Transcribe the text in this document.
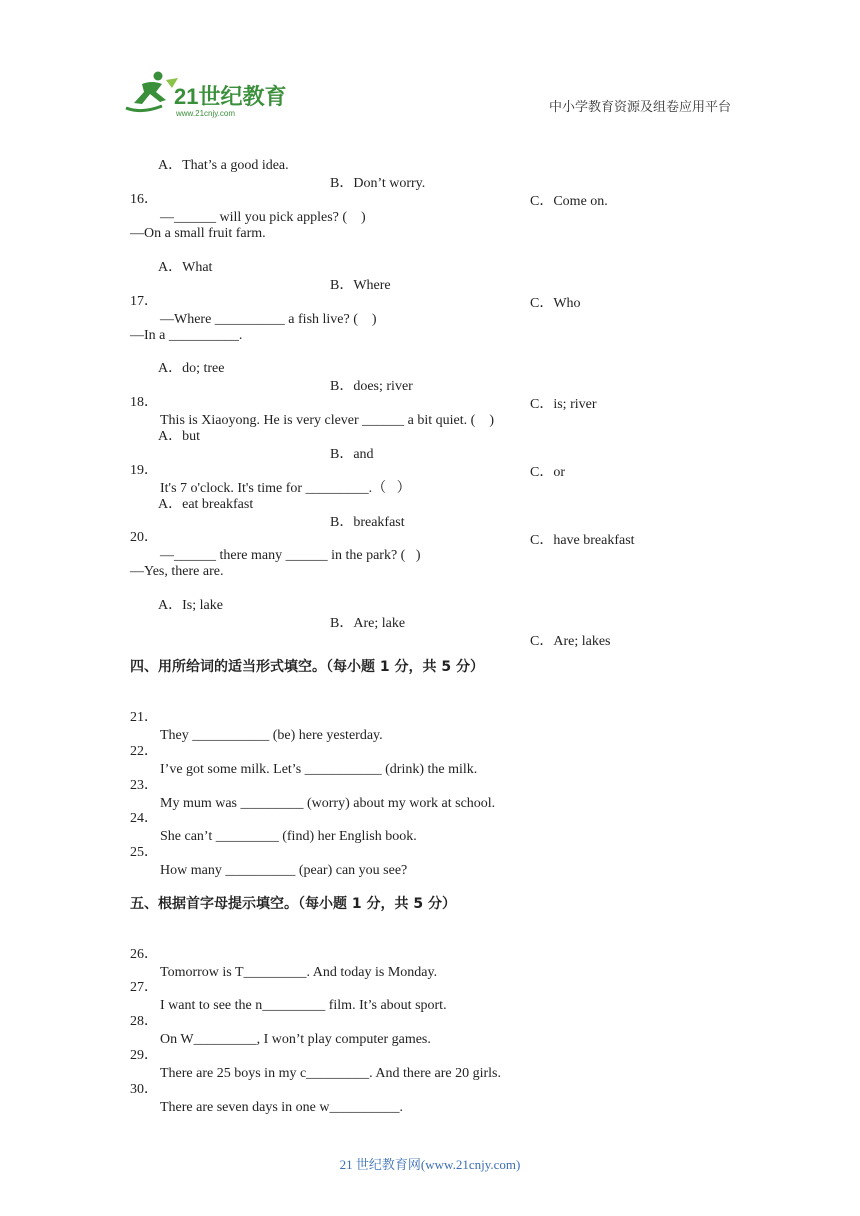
21世纪教育
www.21cnjy.com	中小学教育资源及组卷应用平台

A．That’s a good idea.

B．Don’t worry.

C．Come on.

16．

—______ will you pick apples? (    )

—On a small fruit farm.

A．What

B．Where

C．Who

17．

—Where __________ a fish live? (    )

—In a __________.

A．do; tree

B．does; river

C．is; river

18．

This is Xiaoyong. He is very clever ______ a bit quiet. (    )

A．but

B．and

C．or

19．

It's 7 o'clock. It's time for _________.（   ）

A．eat breakfast

B．breakfast

C．have breakfast

20．

—______ there many ______ in the park? (   )

—Yes, there are.

A．Is; lake

B．Are; lake

C．Are; lakes

四、用所给词的适当形式填空。（每小题 1 分，共 5 分）

21．

They ___________ (be) here yesterday.

22．

I’ve got some milk. Let’s ___________ (drink) the milk.

23．

My mum was _________ (worry) about my work at school.

24．

She can’t _________ (find) her English book.

25．

How many __________ (pear) can you see?

五、根据首字母提示填空。（每小题 1 分，共 5 分）

26．

Tomorrow is T_________. And today is Monday.

27．

I want to see the n_________ film. It’s about sport.

28．

On W_________, I won’t play computer games.

29．

There are 25 boys in my c_________. And there are 20 girls.

30．

There are seven days in one w__________.

21 世纪教育网(www.21cnjy.com)
